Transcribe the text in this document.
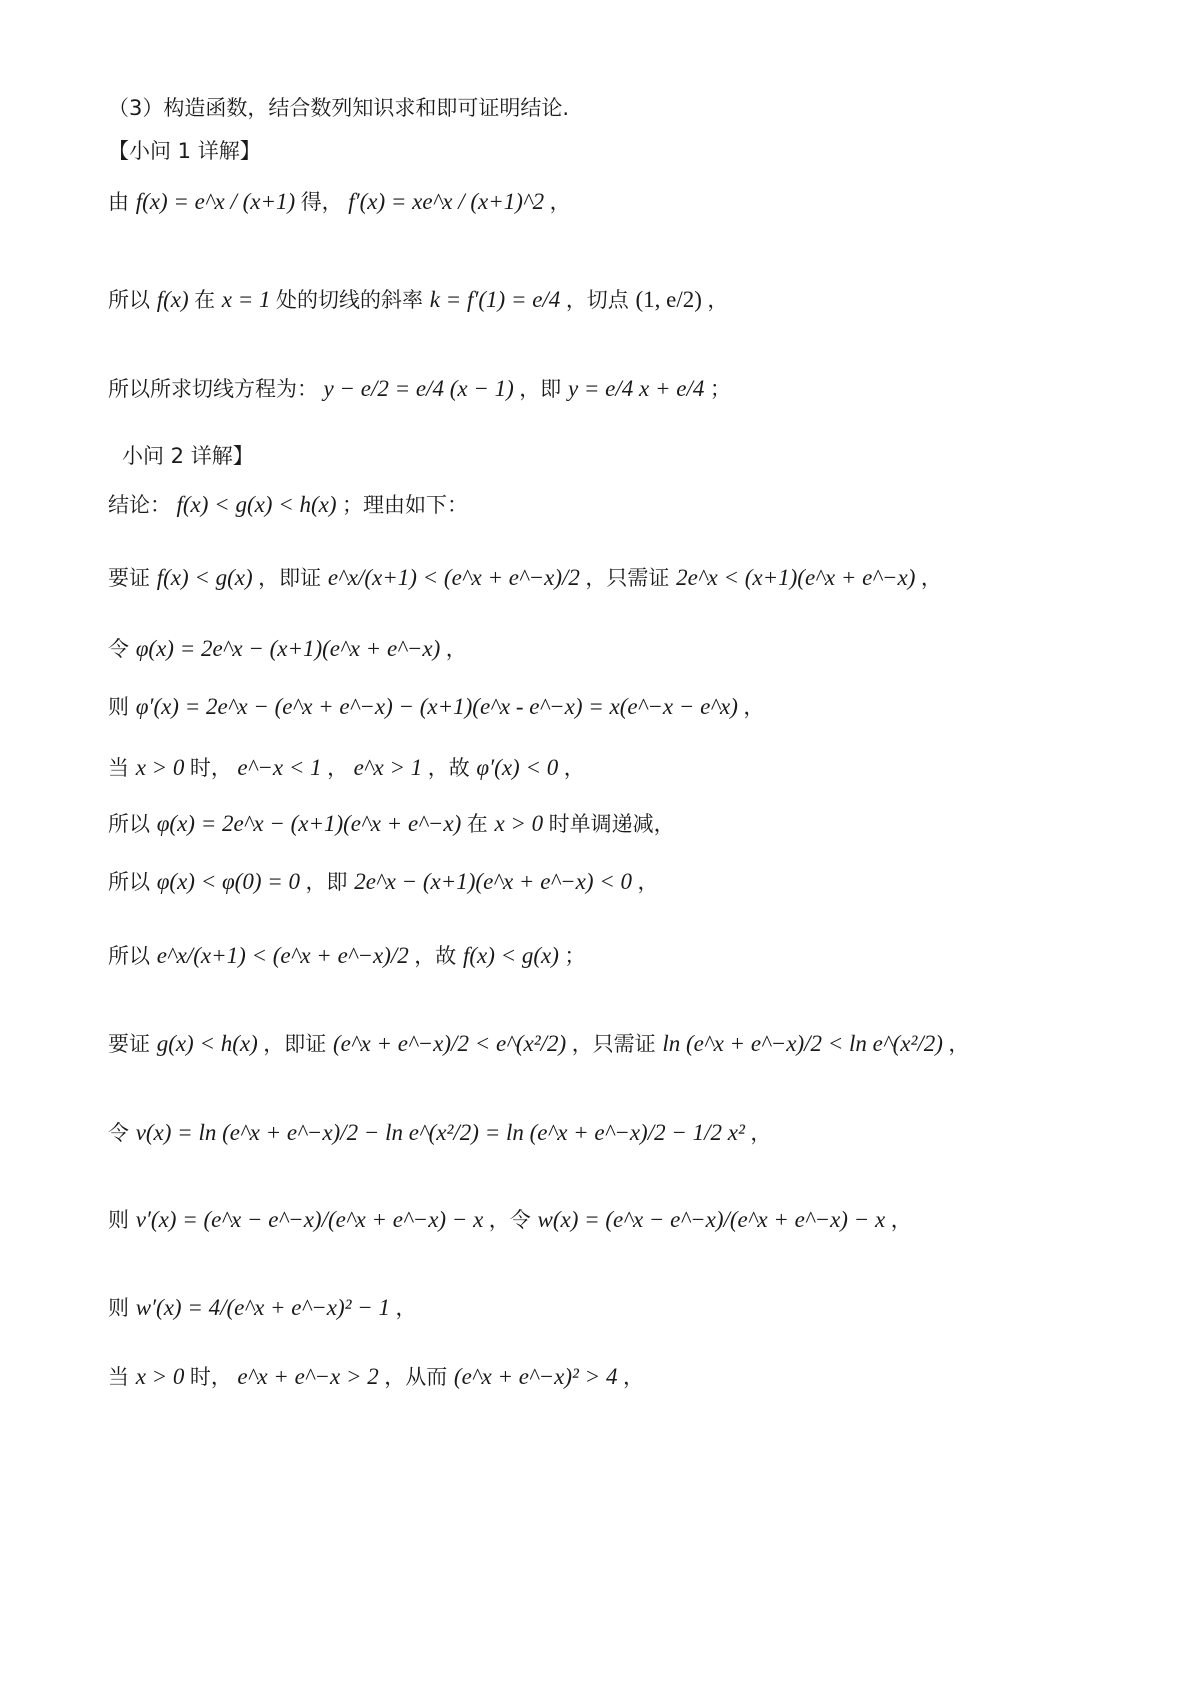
（3）构造函数，结合数列知识求和即可证明结论.
【小问 1 详解】
由 f(x) = e^x / (x+1) 得， f′(x) = xe^x / (x+1)^2 ，
所以 f(x) 在 x = 1 处的切线的斜率 k = f′(1) = e/4 ，切点 (1, e/2) ，
所以所求切线方程为： y − e/2 = e/4 (x − 1) ，即 y = e/4 x + e/4 ；
小问 2 详解】
结论： f(x) < g(x) < h(x) ；理由如下：
要证 f(x) < g(x) ，即证 e^x/(x+1) < (e^x + e^−x)/2 ，只需证 2e^x < (x+1)(e^x + e^−x) ，
令 φ(x) = 2e^x − (x+1)(e^x + e^−x) ，
则 φ′(x) = 2e^x − (e^x + e^−x) − (x+1)(e^x - e^−x) = x(e^−x − e^x) ，
当 x > 0 时， e^−x < 1 ， e^x > 1 ，故 φ′(x) < 0 ，
所以 φ(x) = 2e^x − (x+1)(e^x + e^−x) 在 x > 0 时单调递减，
所以 φ(x) < φ(0) = 0 ，即 2e^x − (x+1)(e^x + e^−x) < 0 ，
所以 e^x/(x+1) < (e^x + e^−x)/2 ，故 f(x) < g(x) ；
要证 g(x) < h(x) ，即证 (e^x + e^−x)/2 < e^(x²/2) ，只需证 ln (e^x + e^−x)/2 < ln e^(x²/2) ，
令 v(x) = ln (e^x + e^−x)/2 − ln e^(x²/2) = ln (e^x + e^−x)/2 − 1/2 x² ，
则 v′(x) = (e^x − e^−x)/(e^x + e^−x) − x ，令 w(x) = (e^x − e^−x)/(e^x + e^−x) − x ，
则 w′(x) = 4/(e^x + e^−x)² − 1 ，
当 x > 0 时， e^x + e^−x > 2 ，从而 (e^x + e^−x)² > 4 ，
